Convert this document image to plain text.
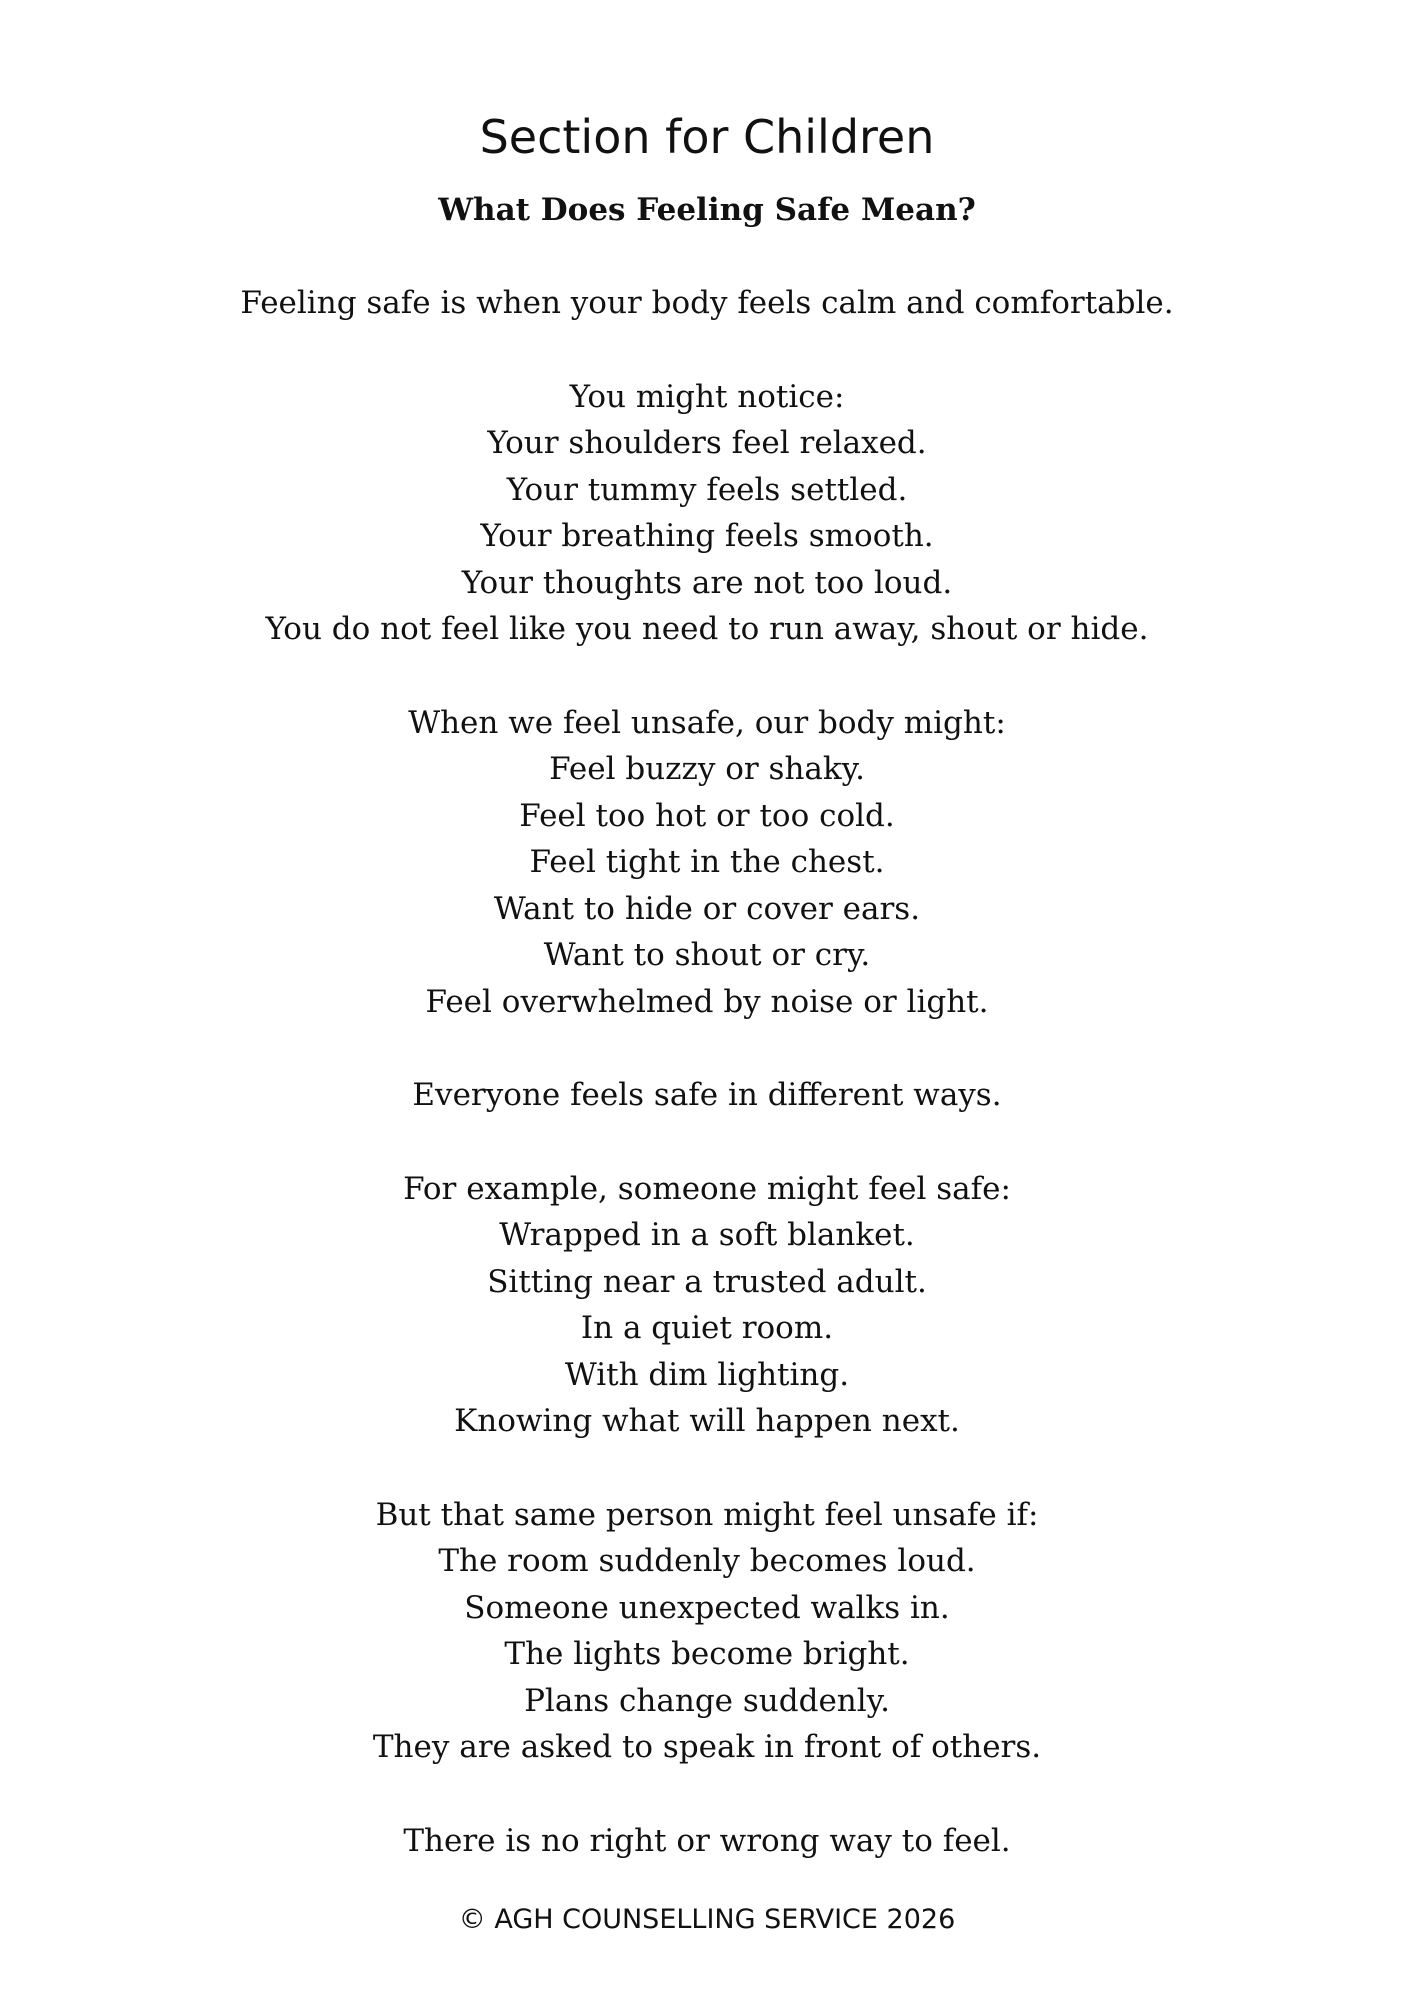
Section for Children
What Does Feeling Safe Mean?
Feeling safe is when your body feels calm and comfortable.
You might notice:
Your shoulders feel relaxed.
Your tummy feels settled.
Your breathing feels smooth.
Your thoughts are not too loud.
You do not feel like you need to run away, shout or hide.
When we feel unsafe, our body might:
Feel buzzy or shaky.
Feel too hot or too cold.
Feel tight in the chest.
Want to hide or cover ears.
Want to shout or cry.
Feel overwhelmed by noise or light.
Everyone feels safe in different ways.
For example, someone might feel safe:
Wrapped in a soft blanket.
Sitting near a trusted adult.
In a quiet room.
With dim lighting.
Knowing what will happen next.
But that same person might feel unsafe if:
The room suddenly becomes loud.
Someone unexpected walks in.
The lights become bright.
Plans change suddenly.
They are asked to speak in front of others.
There is no right or wrong way to feel.

© AGH COUNSELLING SERVICE 2026
